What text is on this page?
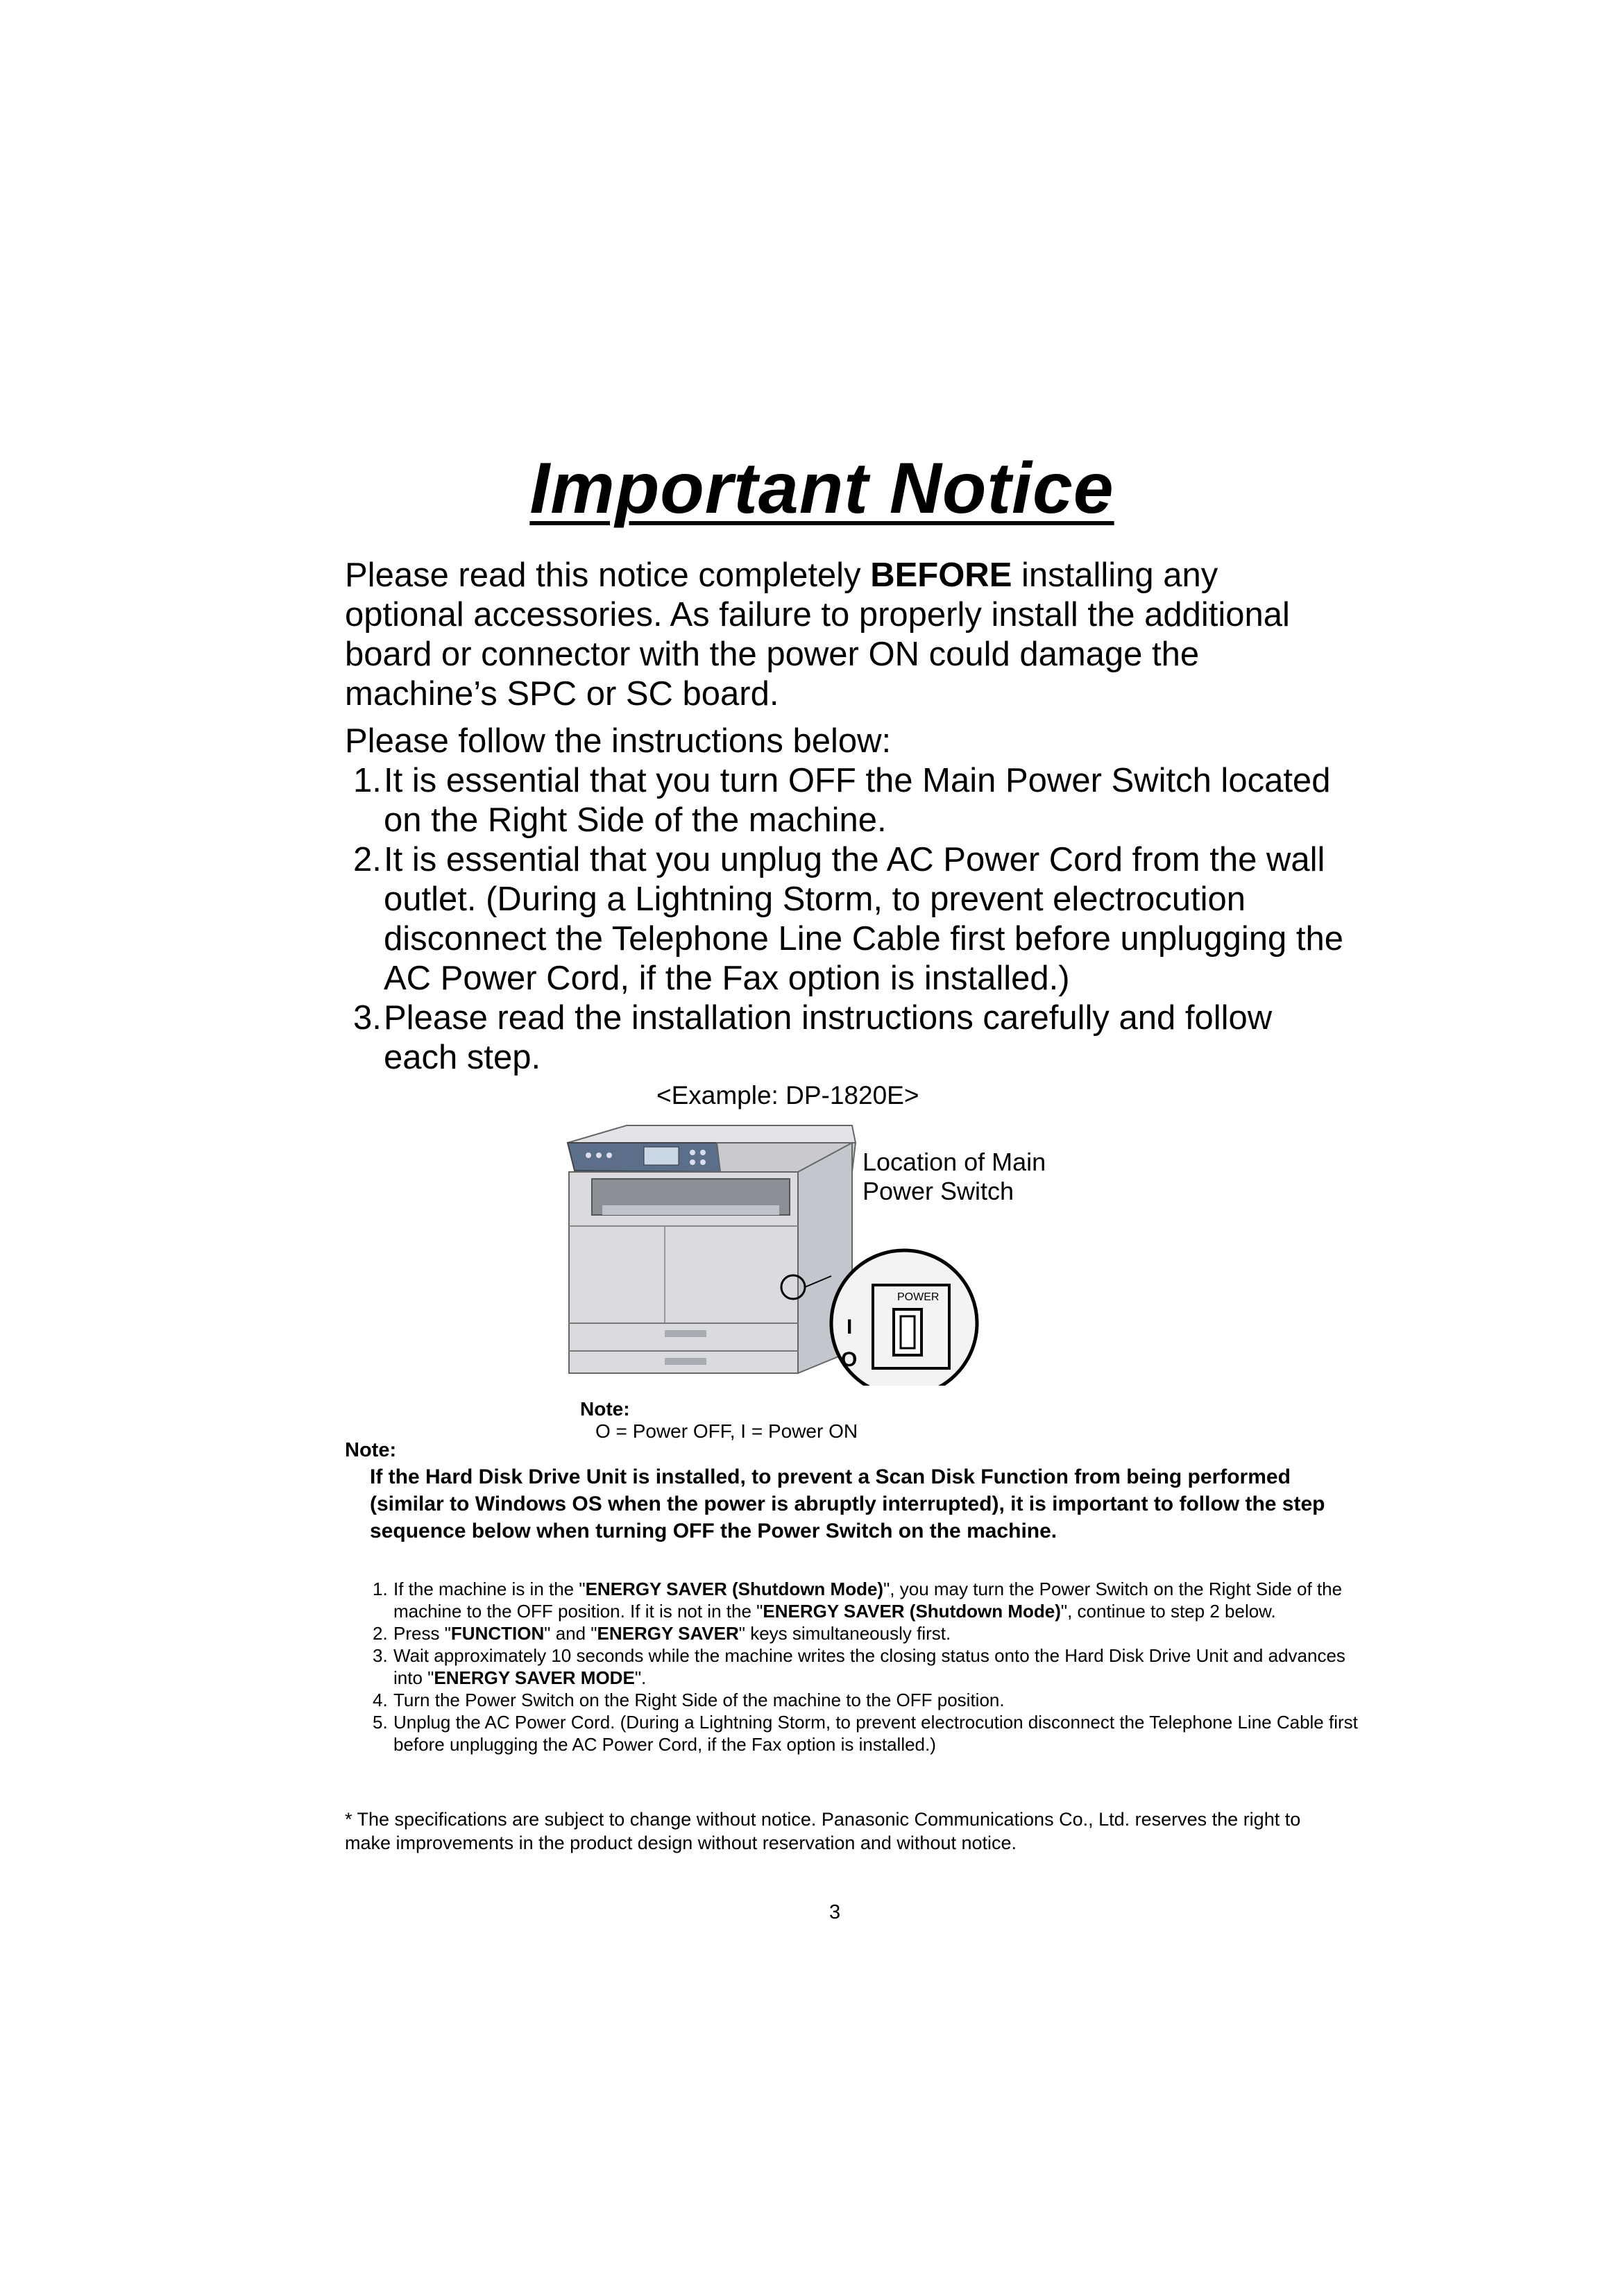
Important Notice
Please read this notice completely BEFORE installing any optional accessories. As failure to properly install the additional board or connector with the power ON could damage the machine’s SPC or SC board.
Please follow the instructions below:
1. It is essential that you turn OFF the Main Power Switch located on the Right Side of the machine.
2. It is essential that you unplug the AC Power Cord from the wall outlet. (During a Lightning Storm, to prevent electrocution disconnect the Telephone Line Cable first before unplugging the AC Power Cord, if the Fax option is installed.)
3. Please read the installation instructions carefully and follow each step.
<Example: DP-1820E>
Location of Main
Power Switch
POWER
I
O
Note:
O = Power OFF, I = Power ON
Note:
If the Hard Disk Drive Unit is installed, to prevent a Scan Disk Function from being performed (similar to Windows OS when the power is abruptly interrupted), it is important to follow the step sequence below when turning OFF the Power Switch on the machine.
1. If the machine is in the "ENERGY SAVER (Shutdown Mode)", you may turn the Power Switch on the Right Side of the machine to the OFF position. If it is not in the "ENERGY SAVER (Shutdown Mode)", continue to step 2 below.
2. Press "FUNCTION" and "ENERGY SAVER" keys simultaneously first.
3. Wait approximately 10 seconds while the machine writes the closing status onto the Hard Disk Drive Unit and advances into "ENERGY SAVER MODE".
4. Turn the Power Switch on the Right Side of the machine to the OFF position.
5. Unplug the AC Power Cord. (During a Lightning Storm, to prevent electrocution disconnect the Telephone Line Cable first before unplugging the AC Power Cord, if the Fax option is installed.)
* The specifications are subject to change without notice. Panasonic Communications Co., Ltd. reserves the right to make improvements in the product design without reservation and without notice.
3
